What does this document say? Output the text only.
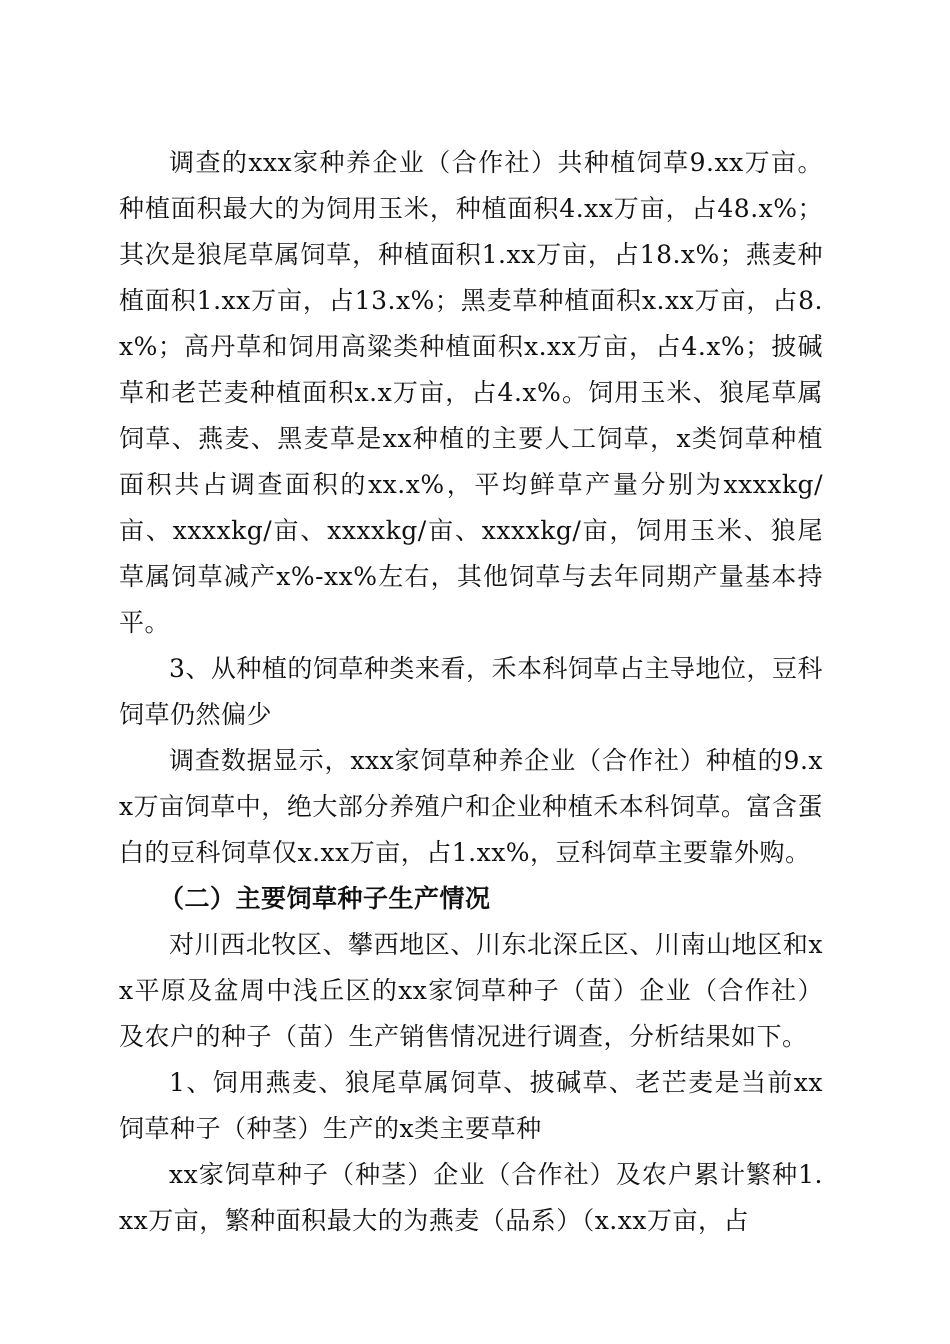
调查的xxx家种养企业（合作社）共种植饲草9.xx万亩。种植面积最大的为饲用玉米，种植面积4.xx万亩，占48.x%；其次是狼尾草属饲草，种植面积1.xx万亩，占18.x%；燕麦种植面积1.xx万亩，占13.x%；黑麦草种植面积x.xx万亩，占8.x%；高丹草和饲用高粱类种植面积x.xx万亩，占4.x%；披碱草和老芒麦种植面积x.x万亩，占4.x%。饲用玉米、狼尾草属饲草、燕麦、黑麦草是xx种植的主要人工饲草，x类饲草种植面积共占调查面积的xx.x%，平均鲜草产量分别为xxxxkg/亩、xxxxkg/亩、xxxxkg/亩、xxxxkg/亩，饲用玉米、狼尾草属饲草减产x%-xx%左右，其他饲草与去年同期产量基本持平。

3、从种植的饲草种类来看，禾本科饲草占主导地位，豆科饲草仍然偏少

调查数据显示，xxx家饲草种养企业（合作社）种植的9.xx万亩饲草中，绝大部分养殖户和企业种植禾本科饲草。富含蛋白的豆科饲草仅x.xx万亩，占1.xx%，豆科饲草主要靠外购。

（二）主要饲草种子生产情况

对川西北牧区、攀西地区、川东北深丘区、川南山地区和xx平原及盆周中浅丘区的xx家饲草种子（苗）企业（合作社）及农户的种子（苗）生产销售情况进行调查，分析结果如下。

1、饲用燕麦、狼尾草属饲草、披碱草、老芒麦是当前xx饲草种子（种茎）生产的x类主要草种

xx家饲草种子（种茎）企业（合作社）及农户累计繁种1.xx万亩，繁种面积最大的为燕麦（品系）（x.xx万亩，占
